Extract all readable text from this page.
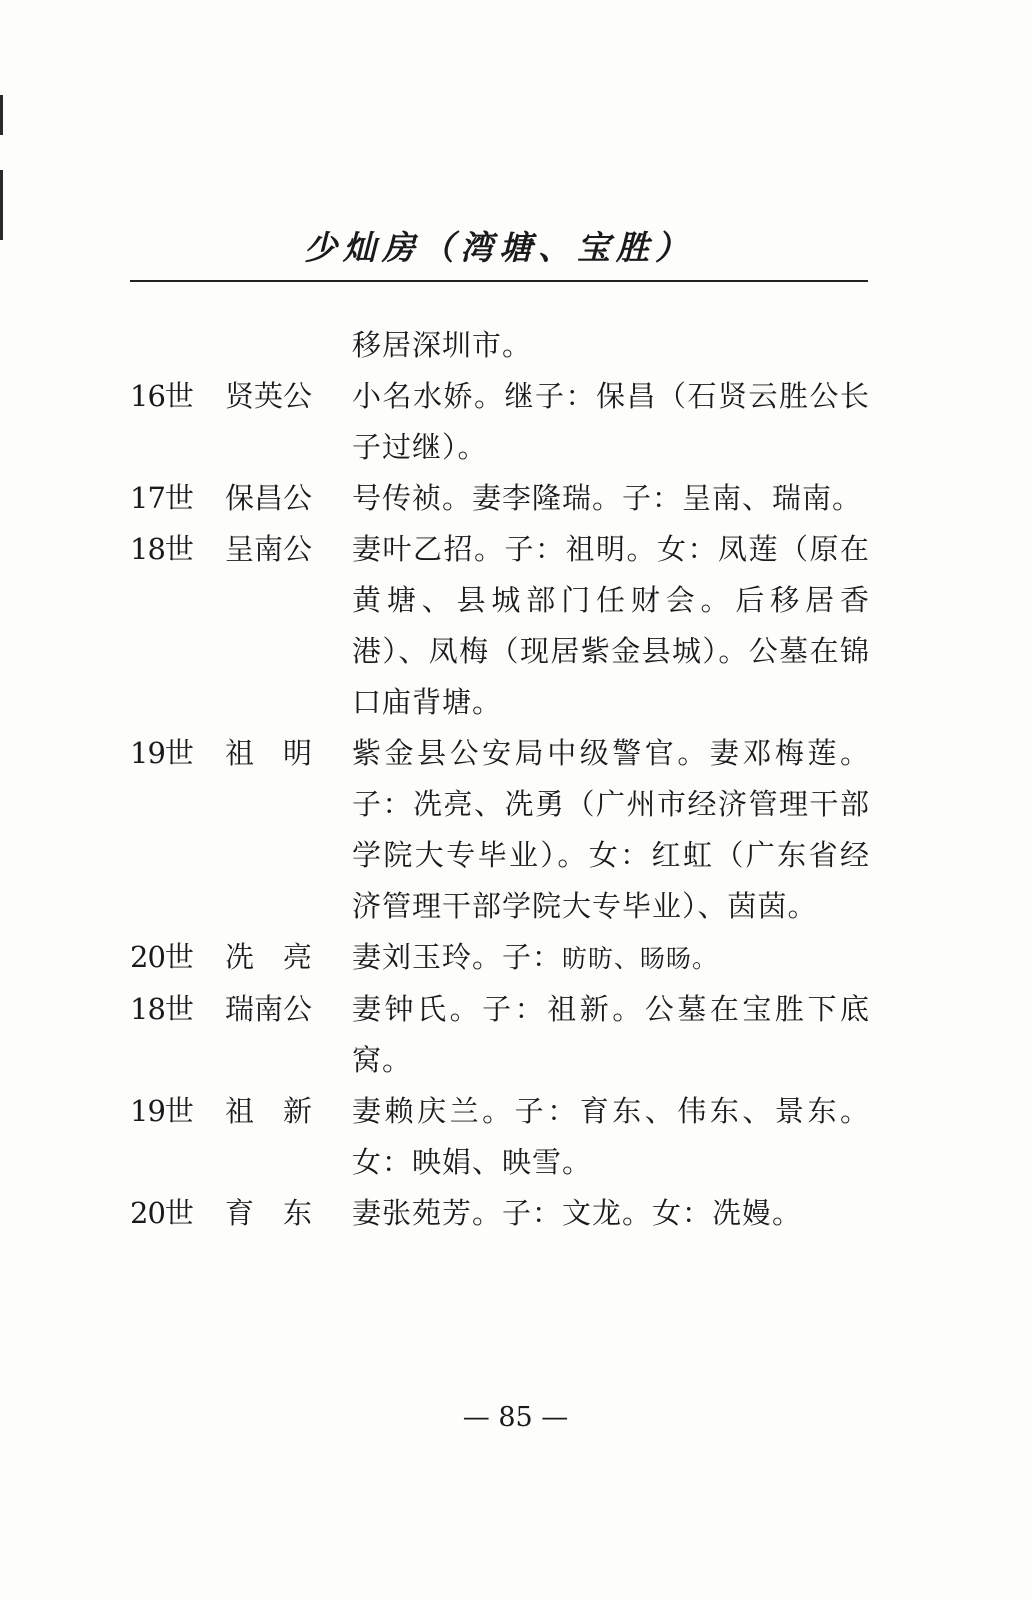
少灿房（湾塘、宝胜）
移居深圳市。
16世	贤英公	小名水娇。继子：保昌（石贤云胜公长子过继）。
17世	保昌公	号传祯。妻李隆瑞。子：呈南、瑞南。
18世	呈南公	妻叶乙招。子：祖明。女：凤莲（原在黄塘、县城部门任财会。后移居香港）、凤梅（现居紫金县城）。公墓在锦口庙背塘。
19世	祖　明	紫金县公安局中级警官。妻邓梅莲。子：冼亮、冼勇（广州市经济管理干部学院大专毕业）。女：红虹（广东省经济管理干部学院大专毕业）、茵茵。
20世	冼　亮	妻刘玉玲。子：昉昉、旸旸。
18世	瑞南公	妻钟氏。子：祖新。公墓在宝胜下底窝。
19世	祖　新	妻赖庆兰。子：育东、伟东、景东。女：映娟、映雪。
20世	育　东	妻张苑芳。子：文龙。女：冼嫚。
— 85 —
